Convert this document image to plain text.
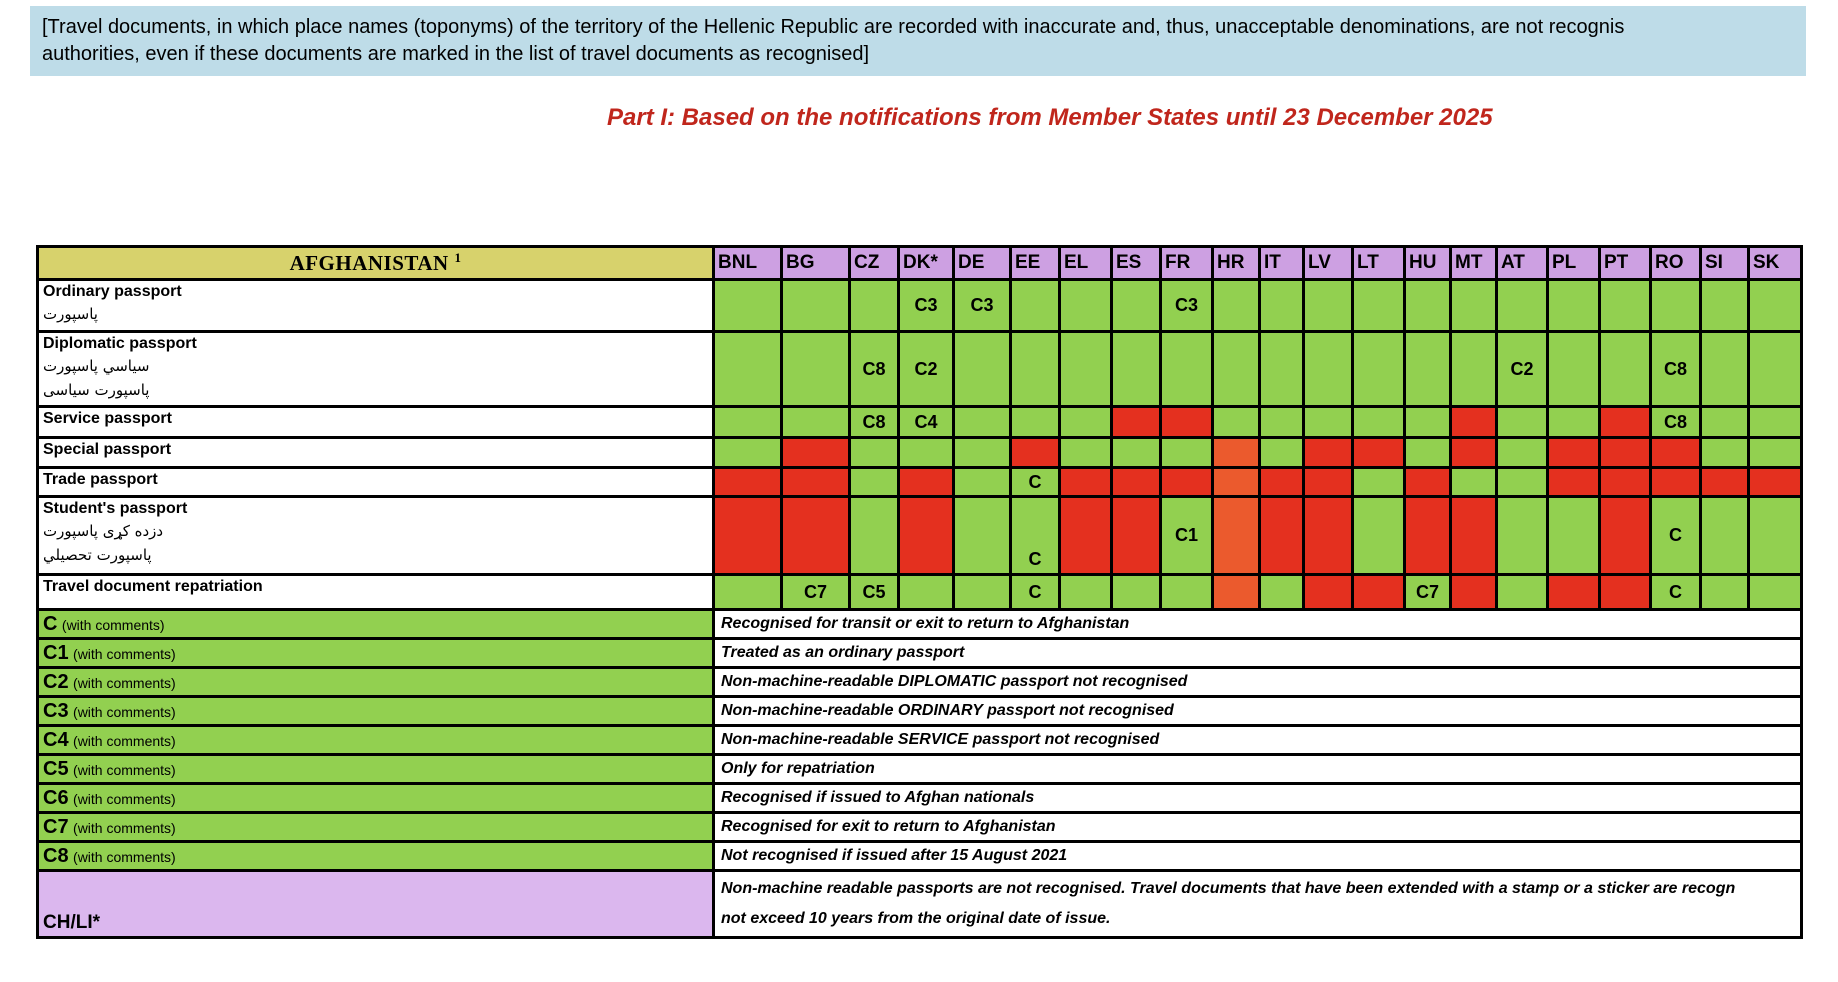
[Travel documents, in which place names (toponyms) of the territory of the Hellenic Republic are recorded with inaccurate and, thus, unacceptable denominations, are not recognis
authorities, even if these documents are marked in the list of travel documents as recognised]
Part I: Based on the notifications from Member States until 23 December 2025
AFGHANISTAN $^1$	BNL	BG	CZ	DK*	DE	EE	EL	ES	FR	HR	IT	LV	LT	HU	MT	AT	PL	PT	RO	SI	SK

Ordinary passport
پاسپورت				C3	C3				C3												

Diplomatic passport
سياسي پاسپورت
پاسپورت سیاسی			C8	C2												C2			C8		

Service passport			C8	C4															C8		

Special passport																					

Trade passport						C															

Student's passport
دزده کړی پاسپورت
پاسپورت تحصیلي						C			C1										C		

Travel document repatriation		C7	C5			C								C7					C		
C (with comments)	Recognised for transit or exit to return to Afghanistan																				
C1 (with comments)	Treated as an ordinary passport																				
C2 (with comments)	Non-machine-readable DIPLOMATIC passport not recognised																				
C3 (with comments)	Non-machine-readable ORDINARY passport not recognised																				
C4 (with comments)	Non-machine-readable SERVICE passport not recognised																				
C5 (with comments)	Only for repatriation																				
C6 (with comments)	Recognised if issued to Afghan nationals																				
C7 (with comments)	Recognised for exit to return to Afghanistan																				
C8 (with comments)	Not recognised if issued after 15 August 2021																				
CH/LI*	Non-machine readable passports are not recognised. Travel documents that have been extended with a stamp or a sticker are recogn
not exceed 10 years from the original date of issue.																				
